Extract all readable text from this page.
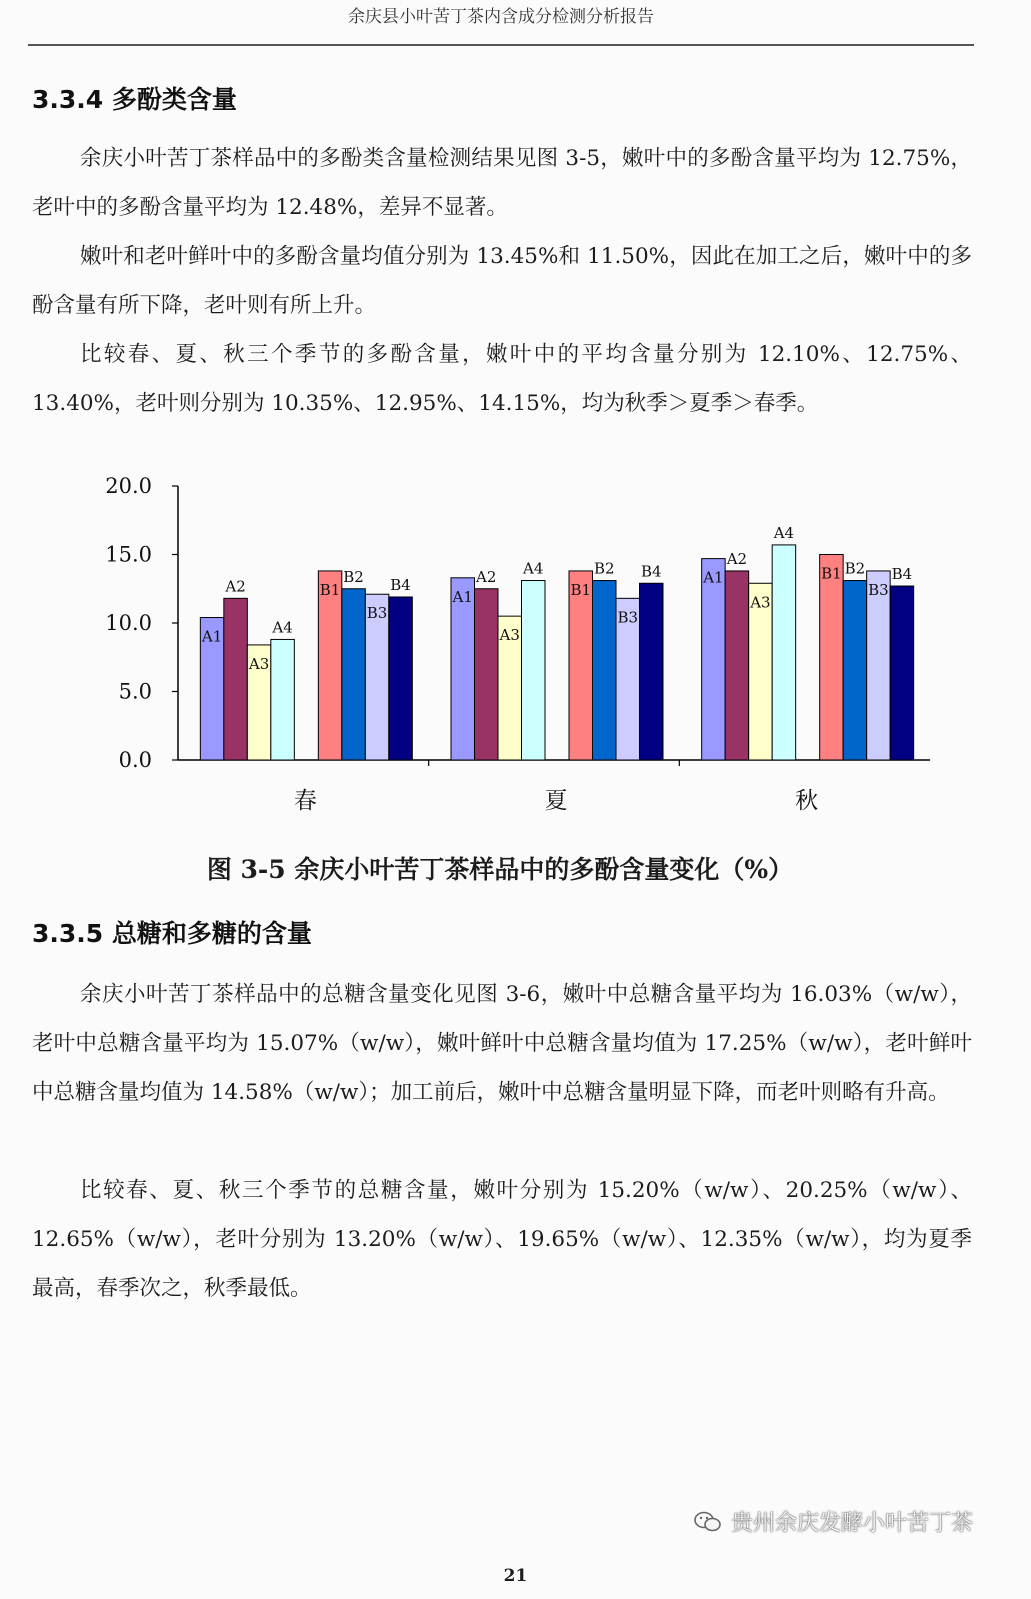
余庆县小叶苦丁茶内含成分检测分析报告
3.3.4 多酚类含量

余庆小叶苦丁茶样品中的多酚类含量检测结果见图 3-5，嫩叶中的多酚含量平均为 12.75%，老叶中的多酚含量平均为 12.48%，差异不显著。

嫩叶和老叶鲜叶中的多酚含量均值分别为 13.45%和 11.50%，因此在加工之后，嫩叶中的多酚含量有所下降，老叶则有所上升。

比较春、夏、秋三个季节的多酚含量，嫩叶中的平均含量分别为 12.10%、12.75%、13.40%，老叶则分别为 10.35%、12.95%、14.15%，均为秋季＞夏季＞春季。

0.0
5.0
10.0
15.0
20.0
春	夏	秋
A1
A2
A3
A4
B1
B2
B3
B4
A1
A2
A3
A4
B1
B2
B3
B4	A1
A2
A3
A4
B1 B2
B3
B4
图 3-5 余庆小叶苦丁茶样品中的多酚含量变化（%）
3.3.5 总糖和多糖的含量

余庆小叶苦丁茶样品中的总糖含量变化见图 3-6，嫩叶中总糖含量平均为 16.03%（w/w），老叶中总糖含量平均为 15.07%（w/w），嫩叶鲜叶中总糖含量均值为 17.25%（w/w），老叶鲜叶中总糖含量均值为 14.58%（w/w）；加工前后，嫩叶中总糖含量明显下降，而老叶则略有升高。

比较春、夏、秋三个季节的总糖含量，嫩叶分别为 15.20%（w/w）、20.25%（w/w）、12.65%（w/w），老叶分别为 13.20%（w/w）、19.65%（w/w）、12.35%（w/w），均为夏季最高，春季次之，秋季最低。

贵州余庆发酵小叶苦丁茶
21
